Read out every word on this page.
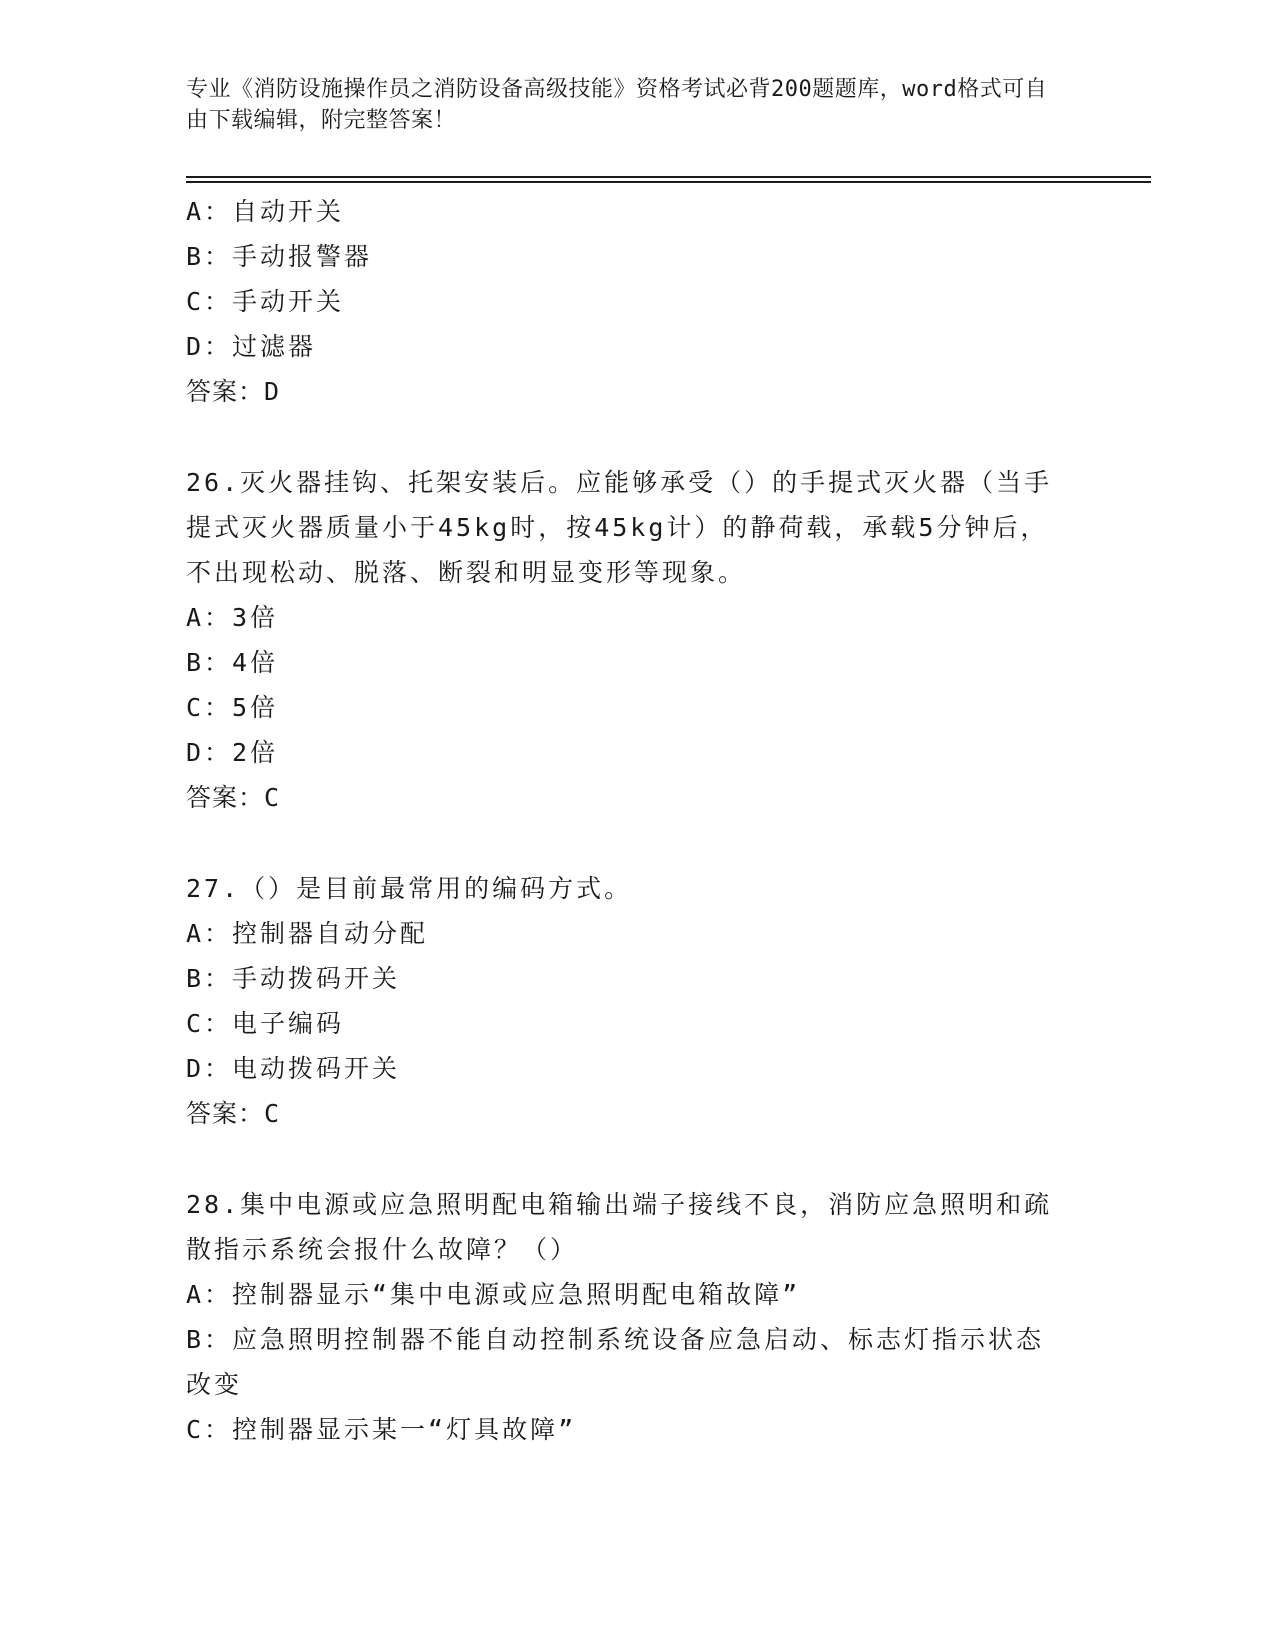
专业《消防设施操作员之消防设备高级技能》资格考试必背200题题库，word格式可自由下载编辑，附完整答案！
A：自动开关
B：手动报警器
C：手动开关
D：过滤器
答案：D
26.灭火器挂钩、托架安装后。应能够承受（）的手提式灭火器（当手提式灭火器质量小于45kg时，按45kg计）的静荷载，承载5分钟后，不出现松动、脱落、断裂和明显变形等现象。
A：3倍
B：4倍
C：5倍
D：2倍
答案：C
27.（）是目前最常用的编码方式。
A：控制器自动分配
B：手动拨码开关
C：电子编码
D：电动拨码开关
答案：C
28.集中电源或应急照明配电箱输出端子接线不良，消防应急照明和疏散指示系统会报什么故障？（）
A：控制器显示“集中电源或应急照明配电箱故障”
B：应急照明控制器不能自动控制系统设备应急启动、标志灯指示状态改变
C：控制器显示某一“灯具故障”
